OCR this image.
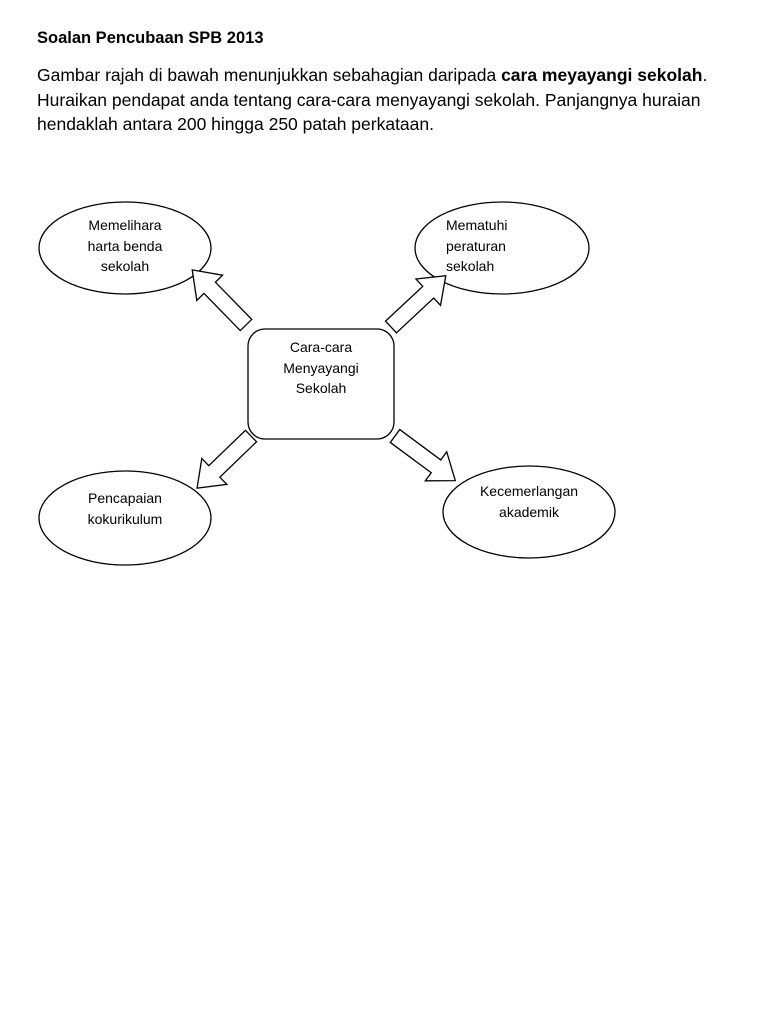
Soalan Pencubaan SPB 2013

Gambar rajah di bawah menunjukkan sebahagian daripada cara meyayangi sekolah. Huraikan pendapat anda tentang cara-cara menyayangi sekolah. Panjangnya huraian hendaklah antara 200 hingga 250 patah perkataan.

Cara-cara
Menyayangi
Sekolah
Memelihara
harta benda
sekolah
Mematuhi
peraturan
sekolah
Pencapaian
kokurikulum
Kecemerlangan
akademik
